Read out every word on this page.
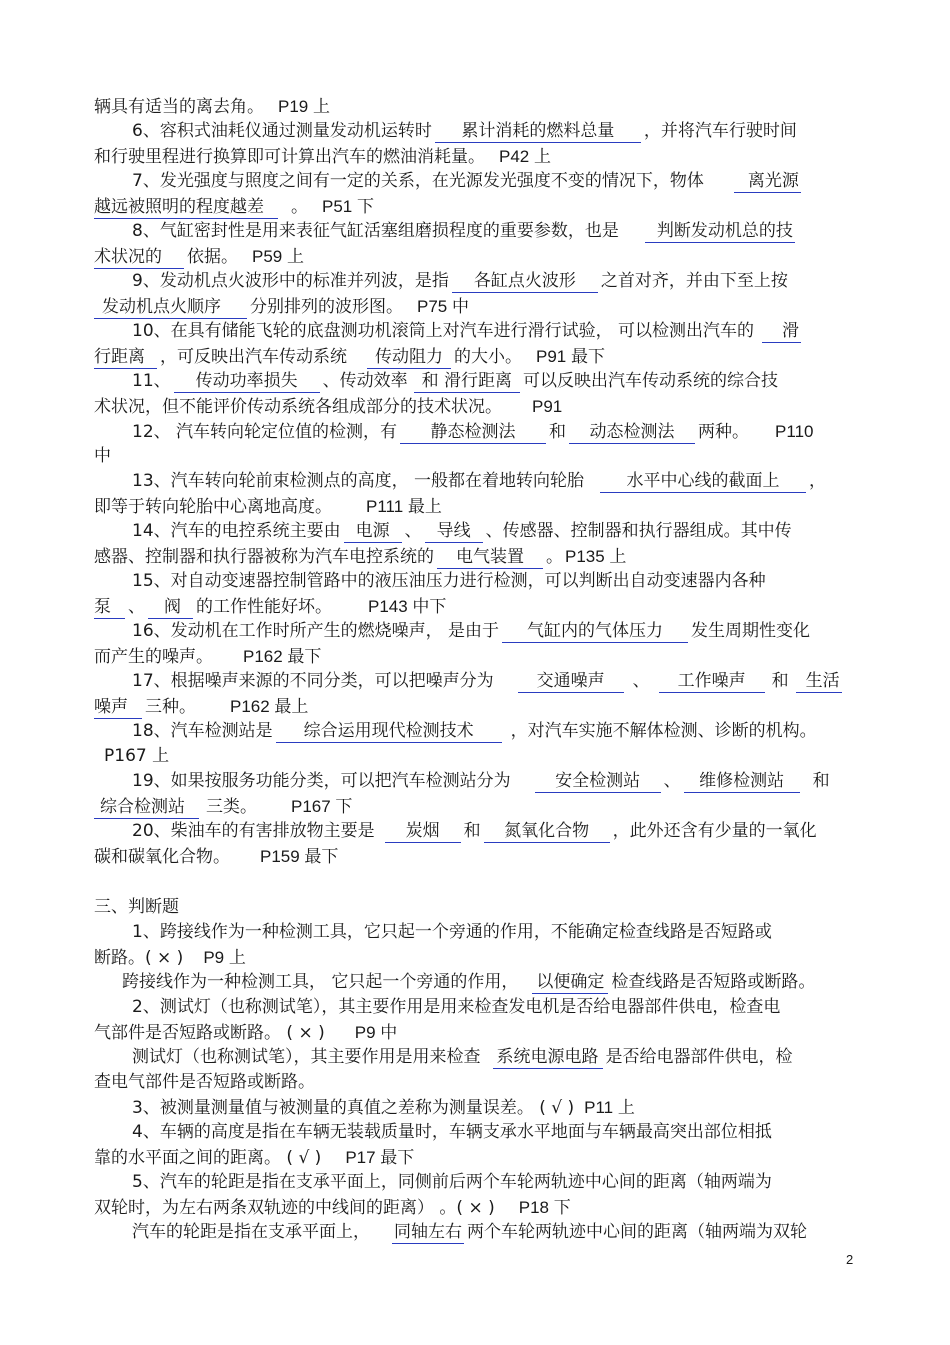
辆具有适当的离去角。 P19 上
6、容积式油耗仪通过测量发动机运转时 累计消耗的燃料总量 ，并将汽车行驶时间
和行驶里程进行换算即可计算出汽车的燃油消耗量。 P42 上
7、发光强度与照度之间有一定的关系，在光源发光强度不变的情况下，物体	离光源
越远被照明的程度越差 。 P51 下
8、气缸密封性是用来表征气缸活塞组磨损程度的重要参数，也是 判断发动机总的技
术状况的 依据。 P59 上
9、发动机点火波形中的标准并列波，是指 各缸点火波形 之首对齐，并由下至上按
发动机点火顺序 分别排列的波形图。 P75 中
10、在具有储能飞轮的底盘测功机滚筒上对汽车进行滑行试验， 可以检测出汽车的 滑
行距离 ，可反映出汽车传动系统 传动阻力 的大小。 P91 最下
11、 传动功率损失 、传动效率 和 滑行距离 可以反映出汽车传动系统的综合技
术状况，但不能评价传动系统各组成部分的技术状况。 P91
12、 汽车转向轮定位值的检测，有 静态检测法 和 动态检测法 两种。 P110
中
13、汽车转向轮前束检测点的高度， 一般都在着地转向轮胎	水平中心线的截面上 ，
即等于转向轮胎中心离地高度。 P111 最上
14、汽车的电控系统主要由 电源 、 导线 、传感器、控制器和执行器组成。其中传
感器、控制器和执行器被称为汽车电控系统的 电气装置 。 P135 上
15、对自动变速器控制管路中的液压油压力进行检测，可以判断出自动变速器内各种
泵 、 阀 的工作性能好坏。 P143 中下
16、发动机在工作时所产生的燃烧噪声， 是由于 气缸内的气体压力 发生周期性变化
而产生的噪声。 P162 最下
17、根据噪声来源的不同分类，可以把噪声分为	交通噪声 、 工作噪声 和 生活
噪声 三种。 P162 最上
18、汽车检测站是 综合运用现代检测技术 ，对汽车实施不解体检测、诊断的机构。
P167 上
19、如果按服务功能分类，可以把汽车检测站分为	安全检测站 、 维修检测站 和
综合检测站 三类。 P167 下
20、柴油车的有害排放物主要是 炭烟 和 氮氧化合物 ，此外还含有少量的一氧化
碳和碳氧化合物。 P159 最下
三、判断题
1、跨接线作为一种检测工具，它只起一个旁通的作用，不能确定检查线路是否短路或
断路。( × ) P9 上
跨接线作为一种检测工具， 它只起一个旁通的作用， 以便确定 检查线路是否短路或断路。
2、测试灯（也称测试笔），其主要作用是用来检查发电机是否给电器部件供电，检查电
气部件是否短路或断路。 ( × ) P9 中
测试灯（也称测试笔），其主要作用是用来检查 系统电源电路 是否给电器部件供电，检
查电气部件是否短路或断路。
3、被测量测量值与被测量的真值之差称为测量误差。 ( √ ) P11 上
4、车辆的高度是指在车辆无装载质量时，车辆支承水平地面与车辆最高突出部位相抵
靠的水平面之间的距离。 ( √ ) P17 最下
5、汽车的轮距是指在支承平面上，同侧前后两个车轮两轨迹中心间的距离（轴两端为
双轮时，为左右两条双轨迹的中线间的距离） 。( × ) P18 下
汽车的轮距是指在支承平面上， 同轴左右 两个车轮两轨迹中心间的距离（轴两端为双轮
2
